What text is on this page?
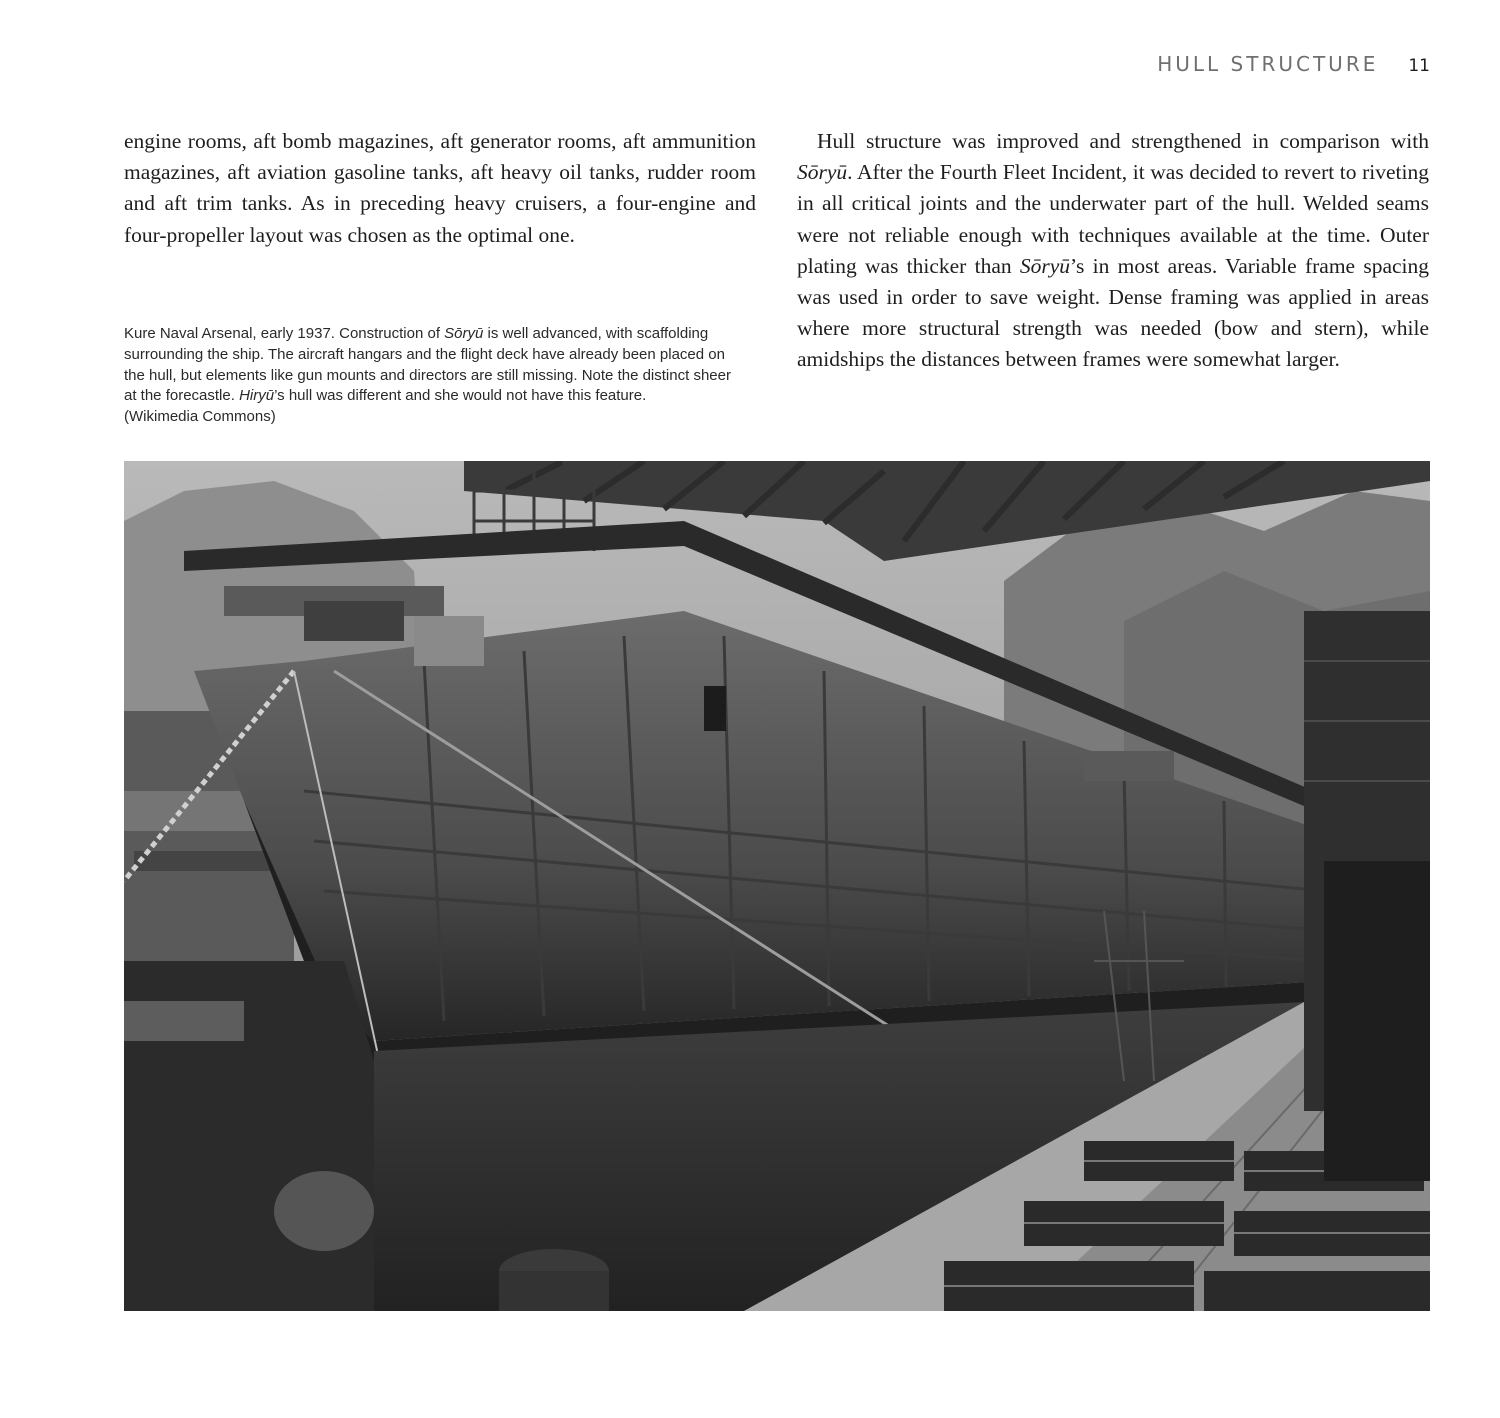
HULL STRUCTURE 11

engine rooms, aft bomb magazines, aft generator rooms, aft ammunition magazines, aft aviation gasoline tanks, aft heavy oil tanks, rudder room and aft trim tanks. As in preceding heavy cruisers, a four-engine and four-propeller layout was chosen as the optimal one.

Hull structure was improved and strengthened in comparison with Sōryū. After the Fourth Fleet Incident, it was decided to revert to riveting in all critical joints and the underwater part of the hull. Welded seams were not reliable enough with techniques available at the time. Outer plating was thicker than Sōryū’s in most areas. Variable frame spacing was used in order to save weight. Dense framing was applied in areas where more structural strength was needed (bow and stern), while amidships the distances between frames were somewhat larger.

Kure Naval Arsenal, early 1937. Construction of Sōryū is well advanced, with scaffolding surrounding the ship. The aircraft hangars and the flight deck have already been placed on the hull, but elements like gun mounts and directors are still missing. Note the distinct sheer at the forecastle. Hiryū’s hull was different and she would not have this feature.
(Wikimedia Commons)
